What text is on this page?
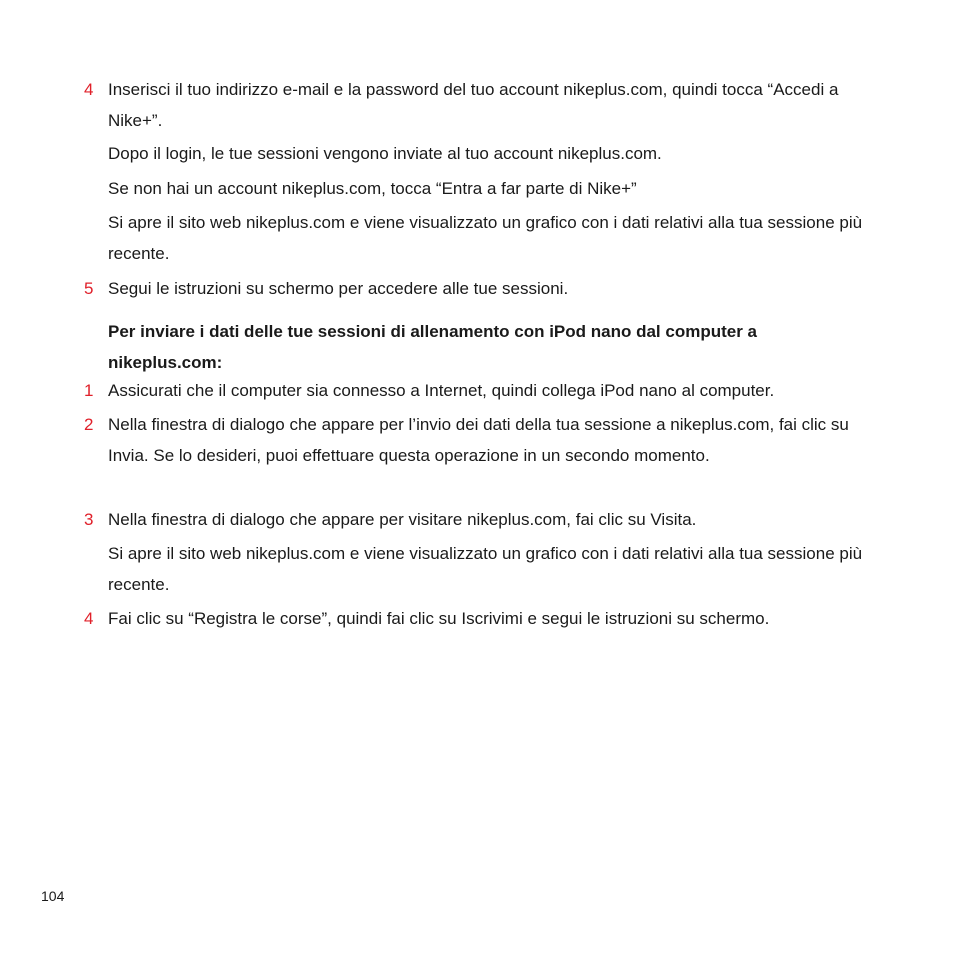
4 Inserisci il tuo indirizzo e-mail e la password del tuo account nikeplus.com, quindi tocca “Accedi a Nike+”.
Dopo il login, le tue sessioni vengono inviate al tuo account nikeplus.com.
Se non hai un account nikeplus.com, tocca “Entra a far parte di Nike+”
Si apre il sito web nikeplus.com e viene visualizzato un grafico con i dati relativi alla tua sessione più recente.
5 Segui le istruzioni su schermo per accedere alle tue sessioni.
Per inviare i dati delle tue sessioni di allenamento con iPod nano dal computer a nikeplus.com:
1 Assicurati che il computer sia connesso a Internet, quindi collega iPod nano al computer.
2 Nella finestra di dialogo che appare per l’invio dei dati della tua sessione a nikeplus.com, fai clic su Invia. Se lo desideri, puoi effettuare questa operazione in un secondo momento.
3 Nella finestra di dialogo che appare per visitare nikeplus.com, fai clic su Visita.
Si apre il sito web nikeplus.com e viene visualizzato un grafico con i dati relativi alla tua sessione più recente.
4 Fai clic su “Registra le corse”, quindi fai clic su Iscrivimi e segui le istruzioni su schermo.
104
